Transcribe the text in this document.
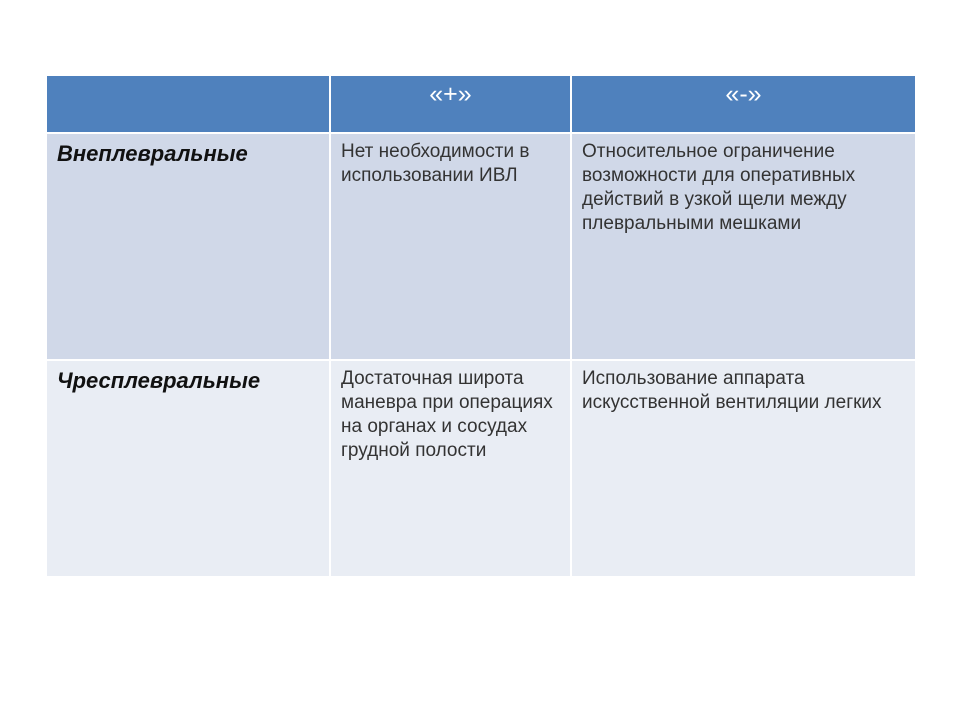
	«+»	«-»

Внеплевральные	Нет необходимости в использовании ИВЛ	Относительное ограничение возможности для оперативных действий в узкой щели между плевральными мешками

Чресплевральные	Достаточная широта маневра при операциях на органах и сосудах грудной полости	Использование аппарата искусственной вентиляции легких
